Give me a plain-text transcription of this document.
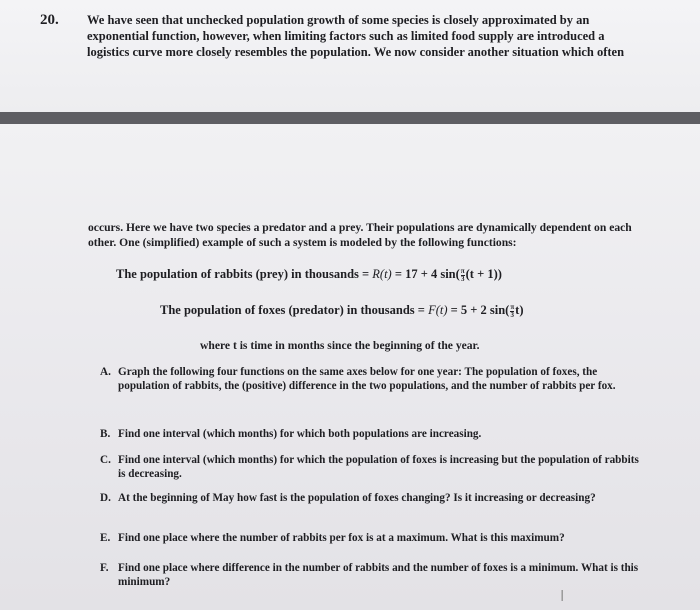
20. We have seen that unchecked population growth of some species is closely approximated by an exponential function, however, when limiting factors such as limited food supply are introduced a logistics curve more closely resembles the population. We now consider another situation which often
occurs. Here we have two species a predator and a prey. Their populations are dynamically dependent on each other. One (simplified) example of such a system is modeled by the following functions:
The population of rabbits (prey) in thousands = R(t) = 17 + 4 $\sin( \frac{\pi}{3} (t + 1))$
The population of foxes (predator) in thousands = F(t) = 5 + 2 $\sin( \frac{\pi}{3} t)$
where t is time in months since the beginning of the year.
A. Graph the following four functions on the same axes below for one year: The population of foxes, the population of rabbits, the (positive) difference in the two populations, and the number of rabbits per fox.
B. Find one interval (which months) for which both populations are increasing.
C. Find one interval (which months) for which the population of foxes is increasing but the population of rabbits is decreasing.
D. At the beginning of May how fast is the population of foxes changing? Is it increasing or decreasing?
E. Find one place where the number of rabbits per fox is at a maximum. What is this maximum?
F. Find one place where difference in the number of rabbits and the number of foxes is a minimum. What is this minimum?
I
